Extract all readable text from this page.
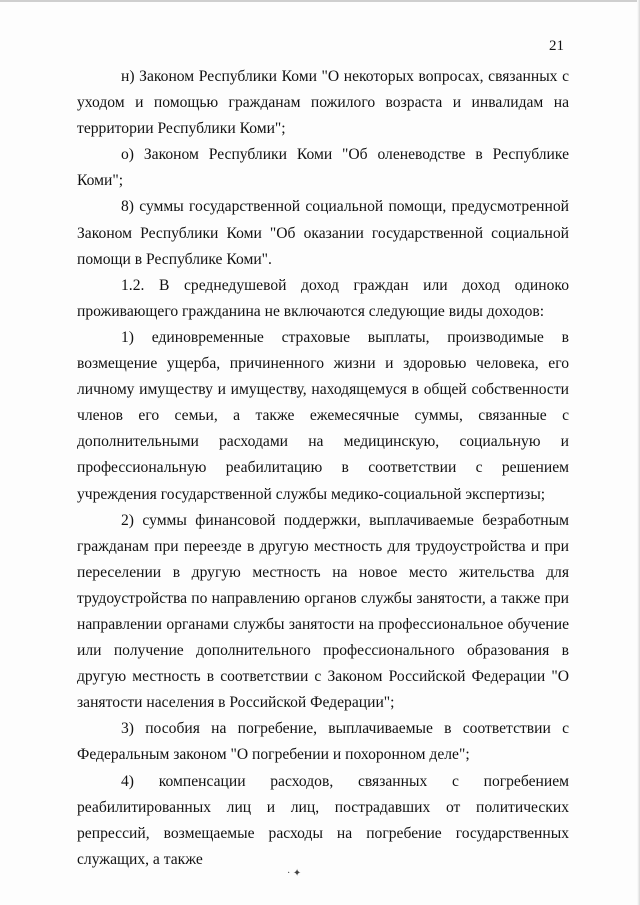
21

н) Законом Республики Коми "О некоторых вопросах, связанных с уходом и помощью гражданам пожилого возраста и инвалидам на территории Республики Коми";

о) Законом Республики Коми "Об оленеводстве в Республике Коми";

8) суммы государственной социальной помощи, предусмотренной Законом Республики Коми "Об оказании государственной социальной помощи в Республике Коми".

1.2. В среднедушевой доход граждан или доход одиноко проживающего гражданина не включаются следующие виды доходов:

1) единовременные страховые выплаты, производимые в возмещение ущерба, причиненного жизни и здоровью человека, его личному имуществу и имуществу, находящемуся в общей собственности членов его семьи, а также ежемесячные суммы, связанные с дополнительными расходами на медицинскую, социальную и профессиональную реабилитацию в соответствии с решением учреждения государственной службы медико-социальной экспертизы;

2) суммы финансовой поддержки, выплачиваемые безработным гражданам при переезде в другую местность для трудоустройства и при переселении в другую местность на новое место жительства для трудоустройства по направлению органов службы занятости, а также при направлении органами службы занятости на профессиональное обучение или получение дополнительного профессионального образования в другую местность в соответствии с Законом Российской Федерации "О занятости населения в Российской Федерации";

3) пособия на погребение, выплачиваемые в соответствии с Федеральным законом "О погребении и похоронном деле";

4) компенсации расходов, связанных с погребением реабилитированных лиц и лиц, пострадавших от политических репрессий, возмещаемые расходы на погребение государственных служащих, а также

· ✦
